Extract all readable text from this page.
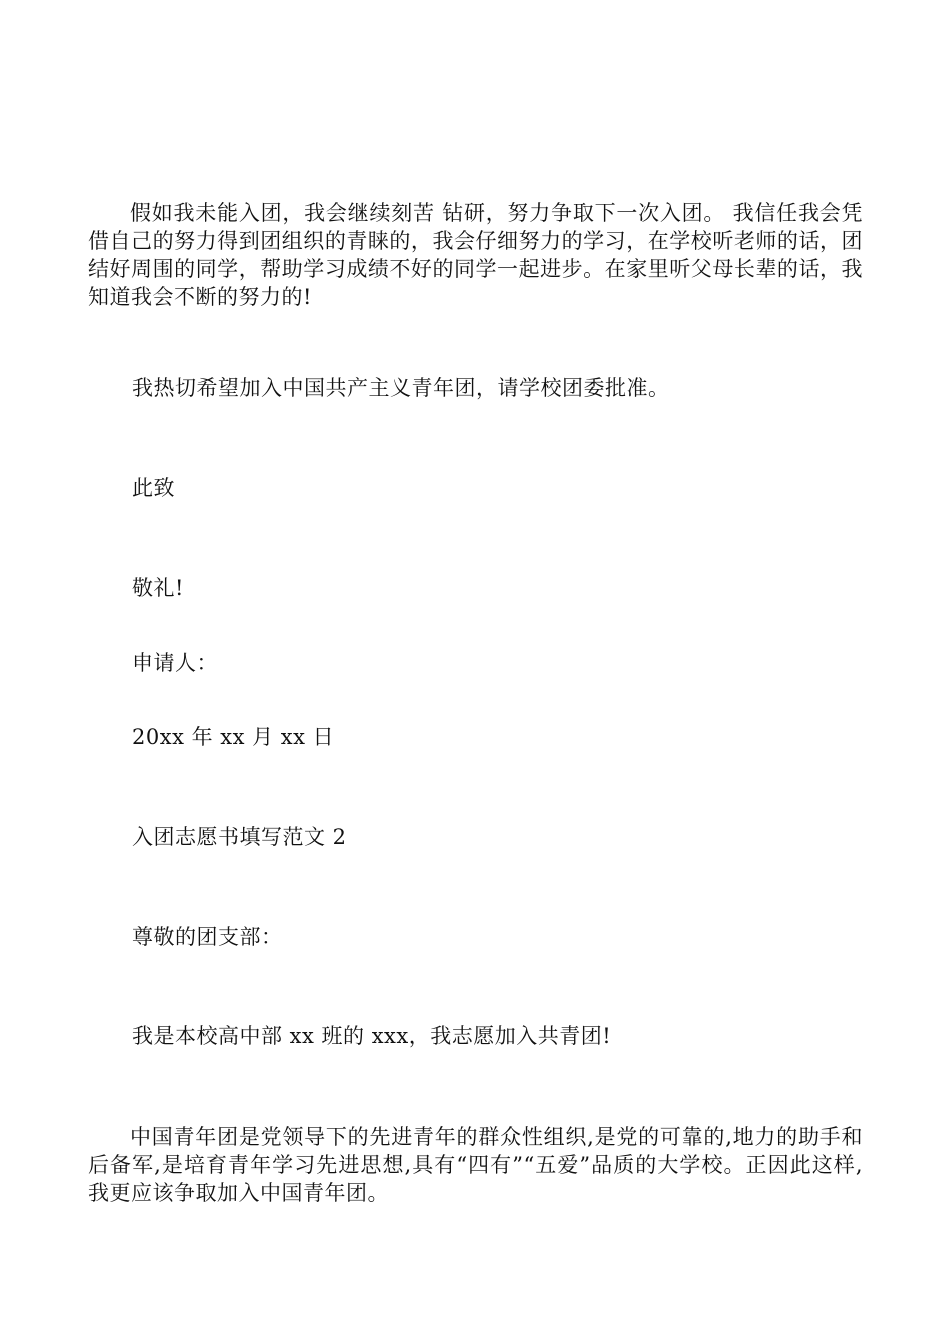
假如我未能入团，我会继续刻苦 钻研，努力争取下一次入团。 我信任我会凭借自己的努力得到团组织的青睐的，我会仔细努力的学习，在学校听老师的话，团结好周围的同学，帮助学习成绩不好的同学一起进步。在家里听父母长辈的话，我知道我会不断的努力的!

我热切希望加入中国共产主义青年团，请学校团委批准。

此致

敬礼!

申请人：

20xx 年 xx 月 xx 日

入团志愿书填写范文 2

尊敬的团支部：

我是本校高中部 xx 班的 xxx，我志愿加入共青团!

中国青年团是党领导下的先进青年的群众性组织,是党的可靠的,地力的助手和后备军,是培育青年学习先进思想,具有“四有”“五爱”品质的大学校。正因此这样,我更应该争取加入中国青年团。
